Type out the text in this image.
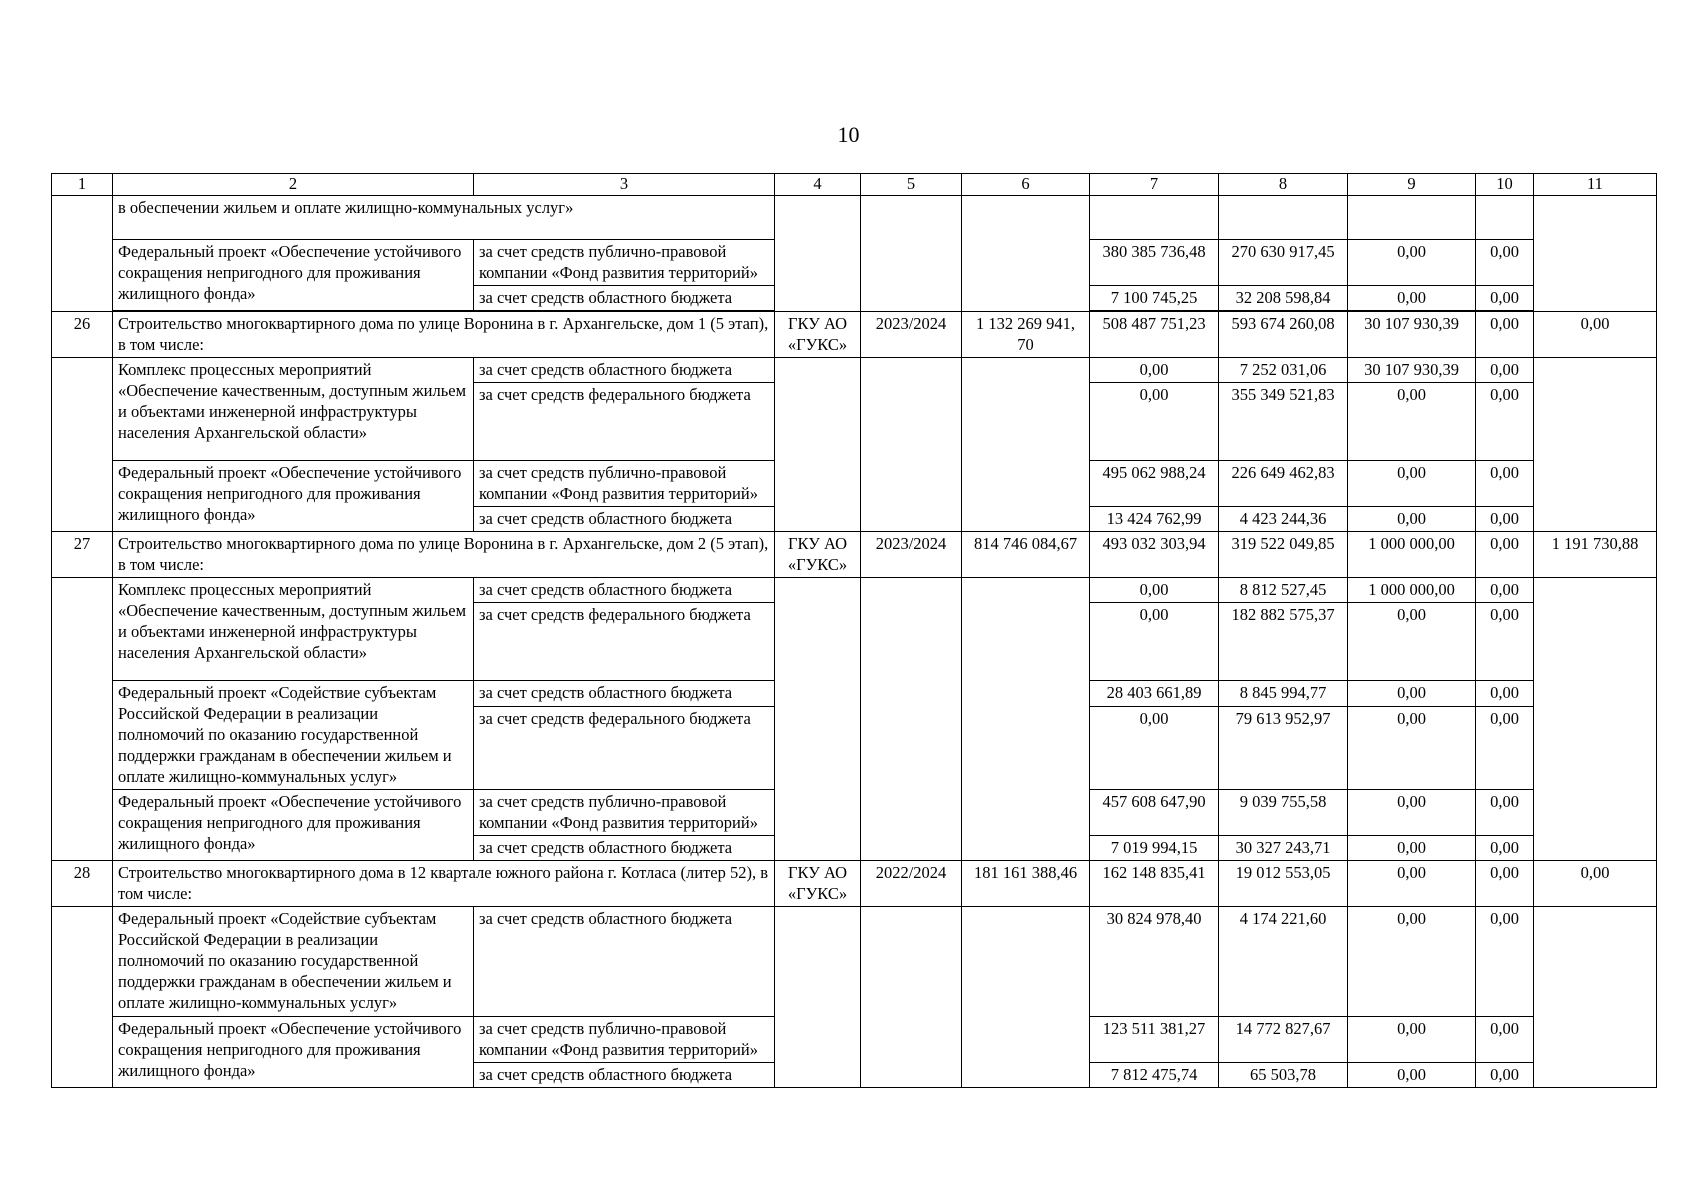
10
1	2	3	4	5	6	7	8	9	10	11
	в обеспечении жильем и оплате жилищно-коммунальных услуг»									
	Федеральный проект «Обеспечение устойчивого сокращения непригодного для проживания жилищного фонда»	за счет средств публично-правовой компании «Фонд развития территорий»				380 385 736,48	270 630 917,45	0,00	0,00	
		за счет средств областного бюджета				7 100 745,25	32 208 598,84	0,00	0,00	

26	Строительство многоквартирного дома по улице Воронина в г. Архангельске, дом 1 (5 этап), в том числе:		ГКУ АО «ГУКС»	2023/2024	1 132 269 941, 70	508 487 751,23	593 674 260,08	30 107 930,39	0,00	0,00
	Комплекс процессных мероприятий «Обеспечение качественным, доступным жильем и объектами инженерной инфраструктуры населения Архангельской области»	за счет средств областного бюджета				0,00	7 252 031,06	30 107 930,39	0,00	
		за счет средств федерального бюджета				0,00	355 349 521,83	0,00	0,00	
	Федеральный проект «Обеспечение устойчивого сокращения непригодного для проживания жилищного фонда»	за счет средств публично-правовой компании «Фонд развития территорий»				495 062 988,24	226 649 462,83	0,00	0,00	
		за счет средств областного бюджета				13 424 762,99	4 423 244,36	0,00	0,00	
27	Строительство многоквартирного дома по улице Воронина в г. Архангельске, дом 2 (5 этап), в том числе:		ГКУ АО «ГУКС»	2023/2024	814 746 084,67	493 032 303,94	319 522 049,85	1 000 000,00	0,00	1 191 730,88
	Комплекс процессных мероприятий «Обеспечение качественным, доступным жильем и объектами инженерной инфраструктуры населения Архангельской области»	за счет средств областного бюджета				0,00	8 812 527,45	1 000 000,00	0,00	
		за счет средств федерального бюджета				0,00	182 882 575,37	0,00	0,00	
	Федеральный проект «Содействие субъектам Российской Федерации в реализации полномочий по оказанию государственной поддержки гражданам в обеспечении жильем и оплате жилищно-коммунальных услуг»	за счет средств областного бюджета				28 403 661,89	8 845 994,77	0,00	0,00	
		за счет средств федерального бюджета				0,00	79 613 952,97	0,00	0,00	
	Федеральный проект «Обеспечение устойчивого сокращения непригодного для проживания жилищного фонда»	за счет средств публично-правовой компании «Фонд развития территорий»				457 608 647,90	9 039 755,58	0,00	0,00	
		за счет средств областного бюджета				7 019 994,15	30 327 243,71	0,00	0,00	
28	Строительство многоквартирного дома в 12 квартале южного района г. Котласа (литер 52), в том числе:		ГКУ АО «ГУКС»	2022/2024	181 161 388,46	162 148 835,41	19 012 553,05	0,00	0,00	0,00
	Федеральный проект «Содействие субъектам Российской Федерации в реализации полномочий по оказанию государственной поддержки гражданам в обеспечении жильем и оплате жилищно-коммунальных услуг»	за счет средств областного бюджета				30 824 978,40	4 174 221,60	0,00	0,00	
	Федеральный проект «Обеспечение устойчивого сокращения непригодного для проживания жилищного фонда»	за счет средств публично-правовой компании «Фонд развития территорий»				123 511 381,27	14 772 827,67	0,00	0,00	
		за счет средств областного бюджета				7 812 475,74	65 503,78	0,00	0,00	
